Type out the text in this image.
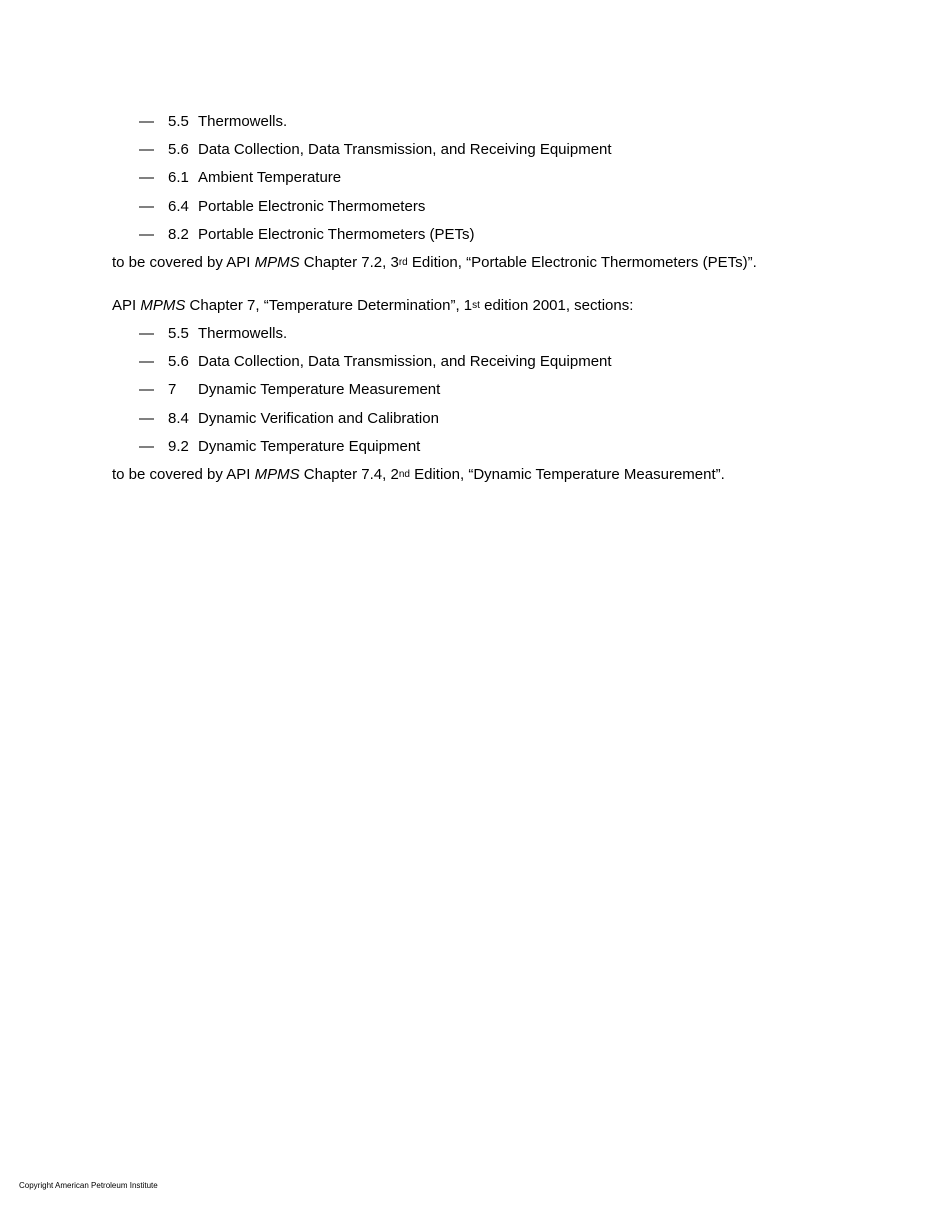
— 5.5 Thermowells.
— 5.6 Data Collection, Data Transmission, and Receiving Equipment
— 6.1 Ambient Temperature
— 6.4 Portable Electronic Thermometers
— 8.2 Portable Electronic Thermometers (PETs)
to be covered by API MPMS Chapter 7.2, 3rd Edition, “Portable Electronic Thermometers (PETs)”.
API MPMS Chapter 7, “Temperature Determination”, 1st edition 2001, sections:
— 5.5 Thermowells.
— 5.6 Data Collection, Data Transmission, and Receiving Equipment
— 7 Dynamic Temperature Measurement
— 8.4 Dynamic Verification and Calibration
— 9.2 Dynamic Temperature Equipment
to be covered by API MPMS Chapter 7.4, 2nd Edition, “Dynamic Temperature Measurement”.
Copyright American Petroleum Institute
